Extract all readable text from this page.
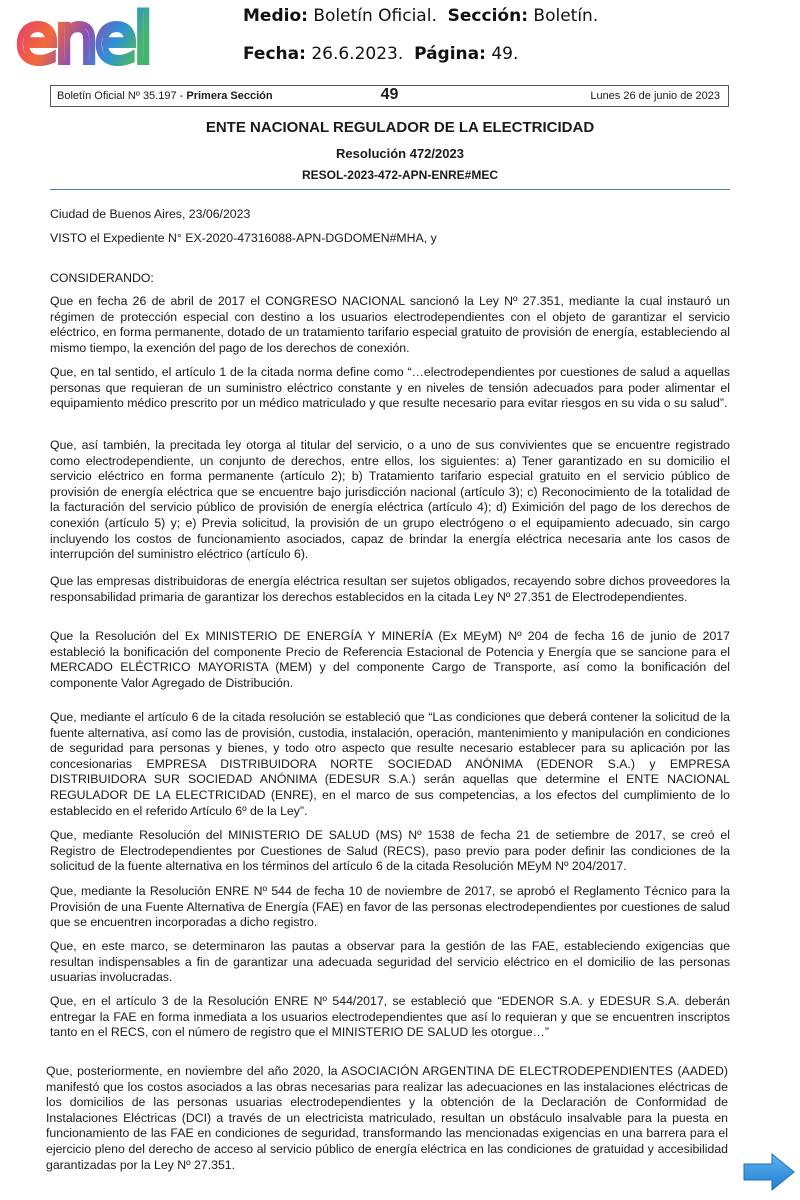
enel	Medio: Boletín Oficial. Sección: Boletín.
Fecha: 26.6.2023. Página: 49.
Boletín Oficial Nº 35.197 - Primera Sección	49	Lunes 26 de junio de 2023
ENTE NACIONAL REGULADOR DE LA ELECTRICIDAD
Resolución 472/2023
RESOL-2023-472-APN-ENRE#MEC
Ciudad de Buenos Aires, 23/06/2023
VISTO el Expediente N° EX-2020-47316088-APN-DGDOMEN#MHA, y
CONSIDERANDO:
Que en fecha 26 de abril de 2017 el CONGRESO NACIONAL sancionó la Ley Nº 27.351, mediante la cual instauró un régimen de protección especial con destino a los usuarios electrodependientes con el objeto de garantizar el servicio eléctrico, en forma permanente, dotado de un tratamiento tarifario especial gratuito de provisión de energía, estableciendo al mismo tiempo, la exención del pago de los derechos de conexión.
Que, en tal sentido, el artículo 1 de la citada norma define como “…electrodependientes por cuestiones de salud a aquellas personas que requieran de un suministro eléctrico constante y en niveles de tensión adecuados para poder alimentar el equipamiento médico prescrito por un médico matriculado y que resulte necesario para evitar riesgos en su vida o su salud”.
Que, así también, la precitada ley otorga al titular del servicio, o a uno de sus convivientes que se encuentre registrado como electrodependiente, un conjunto de derechos, entre ellos, los siguientes: a) Tener garantizado en su domicilio el servicio eléctrico en forma permanente (artículo 2); b) Tratamiento tarifario especial gratuito en el servicio público de provisión de energía eléctrica que se encuentre bajo jurisdicción nacional (artículo 3); c) Reconocimiento de la totalidad de la facturación del servicio público de provisión de energía eléctrica (artículo 4); d) Eximición del pago de los derechos de conexión (artículo 5) y; e) Previa solicitud, la provisión de un grupo electrógeno o el equipamiento adecuado, sin cargo incluyendo los costos de funcionamiento asociados, capaz de brindar la energía eléctrica necesaria ante los casos de interrupción del suministro eléctrico (artículo 6).
Que las empresas distribuidoras de energía eléctrica resultan ser sujetos obligados, recayendo sobre dichos proveedores la responsabilidad primaria de garantizar los derechos establecidos en la citada Ley Nº 27.351 de Electrodependientes.
Que la Resolución del Ex MINISTERIO DE ENERGÍA Y MINERÍA (Ex MEyM) Nº 204 de fecha 16 de junio de 2017 estableció la bonificación del componente Precio de Referencia Estacional de Potencia y Energía que se sancione para el MERCADO ELÉCTRICO MAYORISTA (MEM) y del componente Cargo de Transporte, así como la bonificación del componente Valor Agregado de Distribución.
Que, mediante el artículo 6 de la citada resolución se estableció que “Las condiciones que deberá contener la solicitud de la fuente alternativa, así como las de provisión, custodia, instalación, operación, mantenimiento y manipulación en condiciones de seguridad para personas y bienes, y todo otro aspecto que resulte necesario establecer para su aplicación por las concesionarias EMPRESA DISTRIBUIDORA NORTE SOCIEDAD ANÓNIMA (EDENOR S.A.) y EMPRESA DISTRIBUIDORA SUR SOCIEDAD ANÓNIMA (EDESUR S.A.) serán aquellas que determine el ENTE NACIONAL REGULADOR DE LA ELECTRICIDAD (ENRE), en el marco de sus competencias, a los efectos del cumplimiento de lo establecido en el referido Artículo 6º de la Ley”.
Que, mediante Resolución del MINISTERIO DE SALUD (MS) Nº 1538 de fecha 21 de setiembre de 2017, se creó el Registro de Electrodependientes por Cuestiones de Salud (RECS), paso previo para poder definir las condiciones de la solicitud de la fuente alternativa en los términos del artículo 6 de la citada Resolución MEyM Nº 204/2017.
Que, mediante la Resolución ENRE Nº 544 de fecha 10 de noviembre de 2017, se aprobó el Reglamento Técnico para la Provisión de una Fuente Alternativa de Energía (FAE) en favor de las personas electrodependientes por cuestiones de salud que se encuentren incorporadas a dicho registro.
Que, en este marco, se determinaron las pautas a observar para la gestión de las FAE, estableciendo exigencias que resultan indispensables a fin de garantizar una adecuada seguridad del servicio eléctrico en el domicilio de las personas usuarias involucradas.
Que, en el artículo 3 de la Resolución ENRE Nº 544/2017, se estableció que “EDENOR S.A. y EDESUR S.A. deberán entregar la FAE en forma inmediata a los usuarios electrodependientes que así lo requieran y que se encuentren inscriptos tanto en el RECS, con el número de registro que el MINISTERIO DE SALUD les otorgue…”
Que, posteriormente, en noviembre del año 2020, la ASOCIACIÓN ARGENTINA DE ELECTRODEPENDIENTES (AADED) manifestó que los costos asociados a las obras necesarias para realizar las adecuaciones en las instalaciones eléctricas de los domicilios de las personas usuarias electrodependientes y la obtención de la Declaración de Conformidad de Instalaciones Eléctricas (DCI) a través de un electricista matriculado, resultan un obstáculo insalvable para la puesta en funcionamiento de las FAE en condiciones de seguridad, transformando las mencionadas exigencias en una barrera para el ejercicio pleno del derecho de acceso al servicio público de energía eléctrica en las condiciones de gratuidad y accesibilidad garantizadas por la Ley Nº 27.351.
